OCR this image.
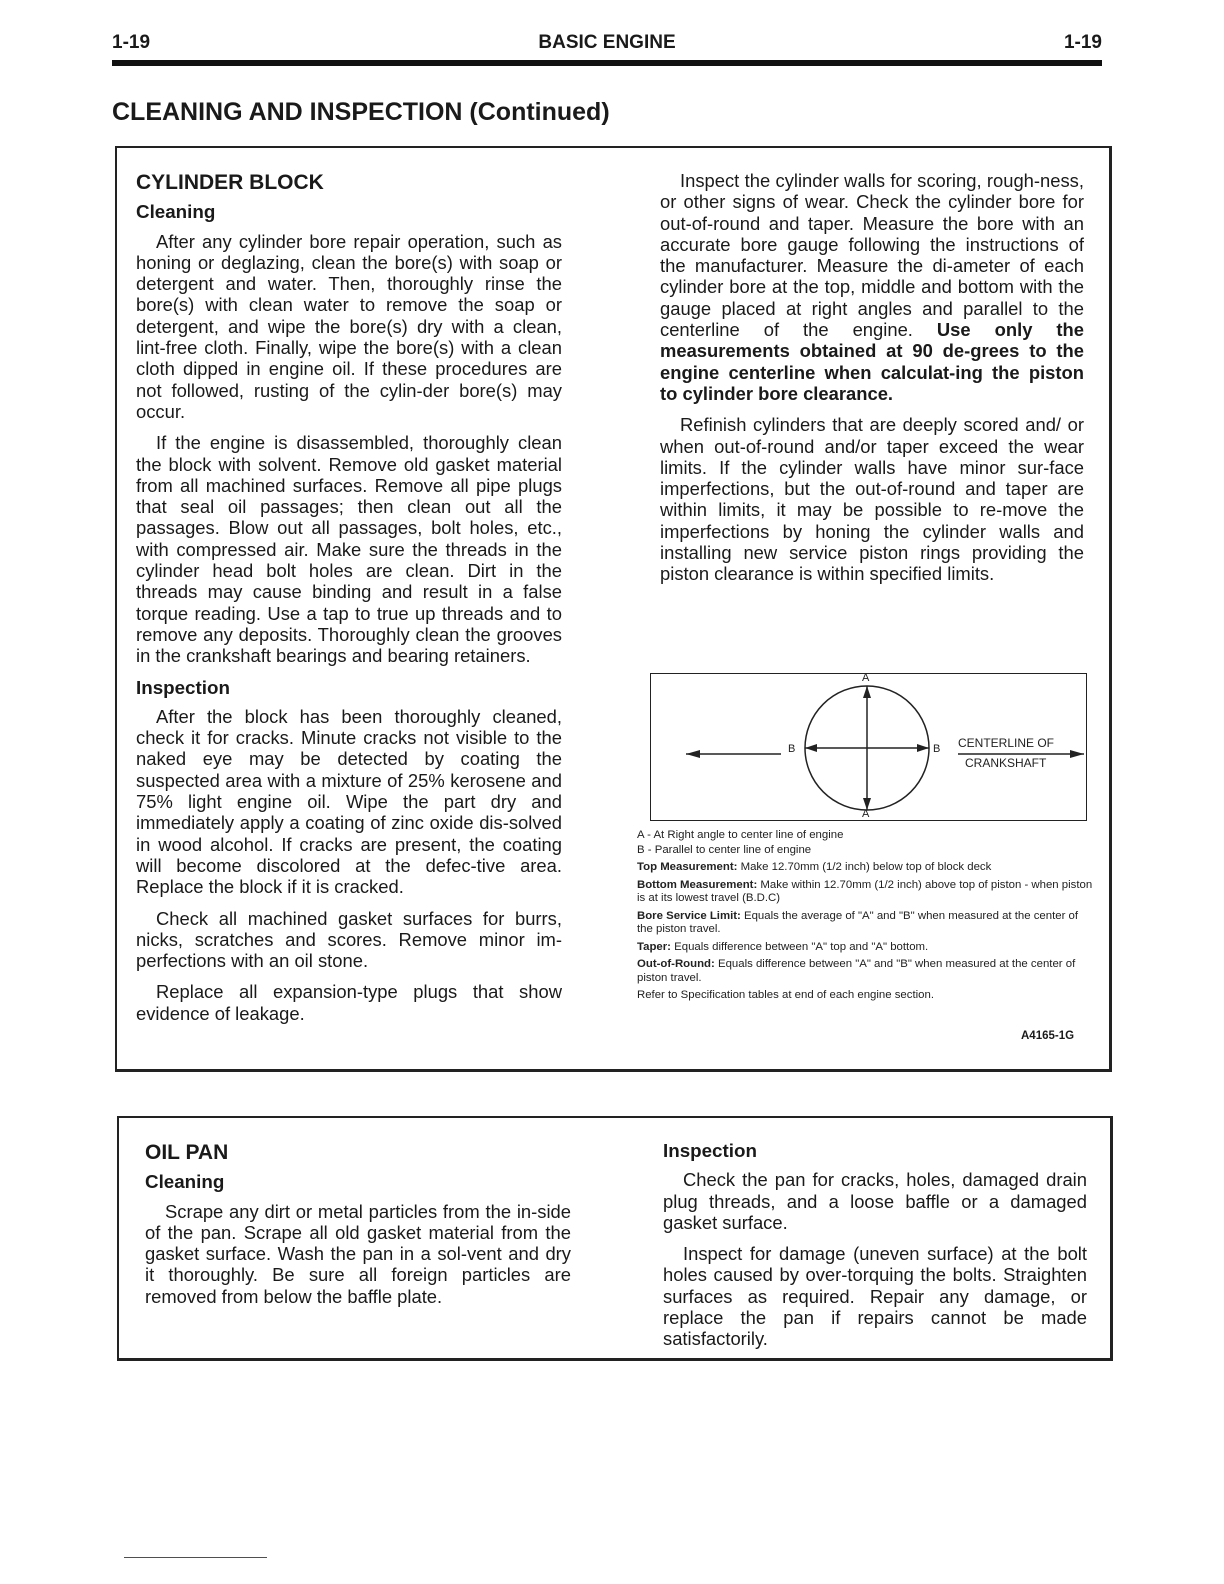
1-19	BASIC ENGINE	1-19
CLEANING AND INSPECTION (Continued)
CYLINDER BLOCK
Cleaning

After any cylinder bore repair operation, such as honing or deglazing, clean the bore(s) with soap or detergent and water. Then, thoroughly rinse the bore(s) with clean water to remove the soap or detergent, and wipe the bore(s) dry with a clean, lint-free cloth. Finally, wipe the bore(s) with a clean cloth dipped in engine oil. If these procedures are not followed, rusting of the cylin-der bore(s) may occur.

If the engine is disassembled, thoroughly clean the block with solvent. Remove old gasket material from all machined surfaces. Remove all pipe plugs that seal oil passages; then clean out all the passages. Blow out all passages, bolt holes, etc., with compressed air. Make sure the threads in the cylinder head bolt holes are clean. Dirt in the threads may cause binding and result in a false torque reading. Use a tap to true up threads and to remove any deposits. Thoroughly clean the grooves in the crankshaft bearings and bearing retainers.

Inspection

After the block has been thoroughly cleaned, check it for cracks. Minute cracks not visible to the naked eye may be detected by coating the suspected area with a mixture of 25% kerosene and 75% light engine oil. Wipe the part dry and immediately apply a coating of zinc oxide dis-solved in wood alcohol. If cracks are present, the coating will become discolored at the defec-tive area. Replace the block if it is cracked.

Check all machined gasket surfaces for burrs, nicks, scratches and scores. Remove minor im-perfections with an oil stone.

Replace all expansion-type plugs that show evidence of leakage.

Inspect the cylinder walls for scoring, rough-ness, or other signs of wear. Check the cylinder bore for out-of-round and taper. Measure the bore with an accurate bore gauge following the instructions of the manufacturer. Measure the di-ameter of each cylinder bore at the top, middle and bottom with the gauge placed at right angles and parallel to the centerline of the engine. Use only the measurements obtained at 90 de-grees to the engine centerline when calculat-ing the piston to cylinder bore clearance.

Refinish cylinders that are deeply scored and/ or when out-of-round and/or taper exceed the wear limits. If the cylinder walls have minor sur-face imperfections, but the out-of-round and taper are within limits, it may be possible to re-move the imperfections by honing the cylinder walls and installing new service piston rings providing the piston clearance is within specified limits.

A
A
B	B CENTERLINE OF
CRANKSHAFT
A - At Right angle to center line of engine
B - Parallel to center line of engine
Top Measurement: Make 12.70mm (1/2 inch) below top of block deck
Bottom Measurement: Make within 12.70mm (1/2 inch) above top of piston - when piston is at its lowest travel (B.D.C)
Bore Service Limit: Equals the average of "A" and "B" when measured at the center of the piston travel.
Taper: Equals difference between "A" top and "A" bottom.
Out-of-Round: Equals difference between "A" and "B" when measured at the center of piston travel.
Refer to Specification tables at end of each engine section.
A4165-1G
OIL PAN
Cleaning

Scrape any dirt or metal particles from the in-side of the pan. Scrape all old gasket material from the gasket surface. Wash the pan in a sol-vent and dry it thoroughly. Be sure all foreign particles are removed from below the baffle plate.

Inspection

Check the pan for cracks, holes, damaged drain plug threads, and a loose baffle or a damaged gasket surface.

Inspect for damage (uneven surface) at the bolt holes caused by over-torquing the bolts. Straighten surfaces as required. Repair any damage, or replace the pan if repairs cannot be made satisfactorily.
